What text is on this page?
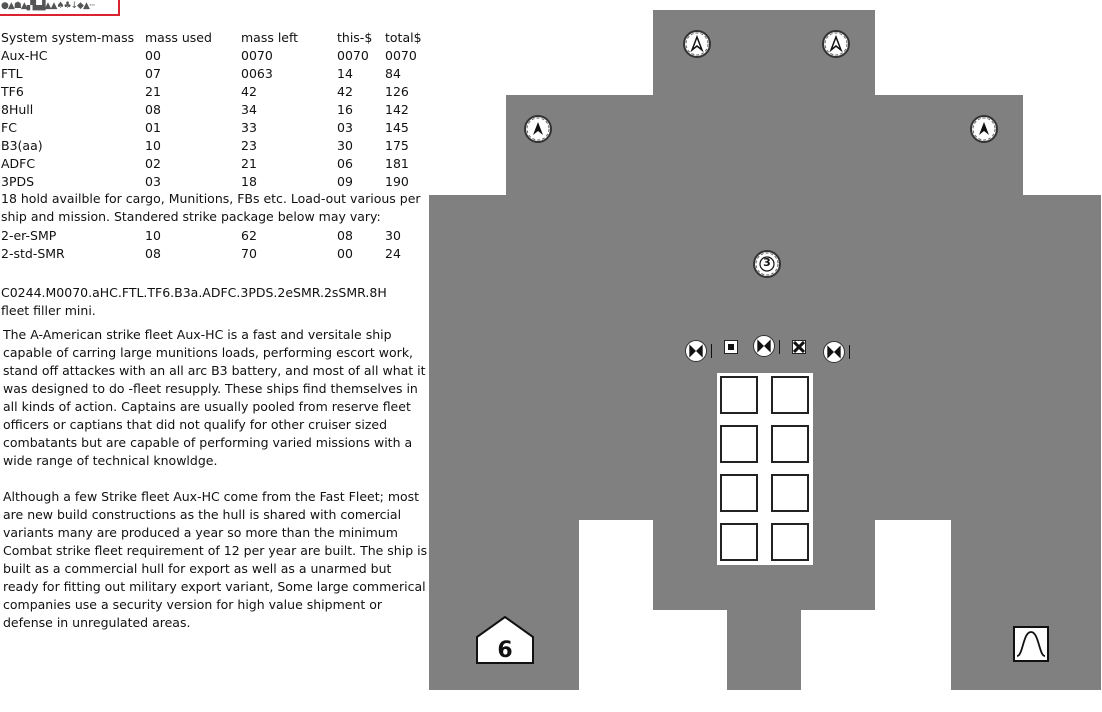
●▲☗▲▞▙▟▲▲♠♣↓◆▲···
System system-mass	mass used	mass left	this-$	total$
Aux-HC	00	0070	0070	0070
FTL	07	0063	14	84
TF6	21	42	42	126
8Hull	08	34	16	142
FC	01	33	03	145
B3(aa)	10	23	30	175
ADFC	02	21	06	181
3PDS	03	18	09	190
18 hold availble for cargo, Munitions, FBs etc. Load-out various per ship and mission. Standered strike package below may vary:				
2-er-SMP	10	62	08	30
2-std-SMR	08	70	00	24
C0244.M0070.aHC.FTL.TF6.B3a.ADFC.3PDS.2eSMR.2sSMR.8H
fleet filler mini.

The A-American strike fleet Aux-HC is a fast and versitale ship capable of carring large munitions loads, performing escort work, stand off attackes with an all arc B3 battery, and most of all what it was designed to do -fleet resupply. These ships find themselves in all kinds of action. Captains are usually pooled from reserve fleet officers or captians that did not qualify for other cruiser sized combatants but are capable of performing varied missions with a wide range of technical knowldge.

Although a few Strike fleet Aux-HC come from the Fast Fleet; most are new build constructions as the hull is shared with comercial variants many are produced a year so more than the minimum Combat strike fleet requirement of 12 per year are built. The ship is built as a commercial hull for export as well as a unarmed but ready for fitting out military export variant, Some large commerical companies use a security version for high value shipment or defense in unregulated areas.

3
6
